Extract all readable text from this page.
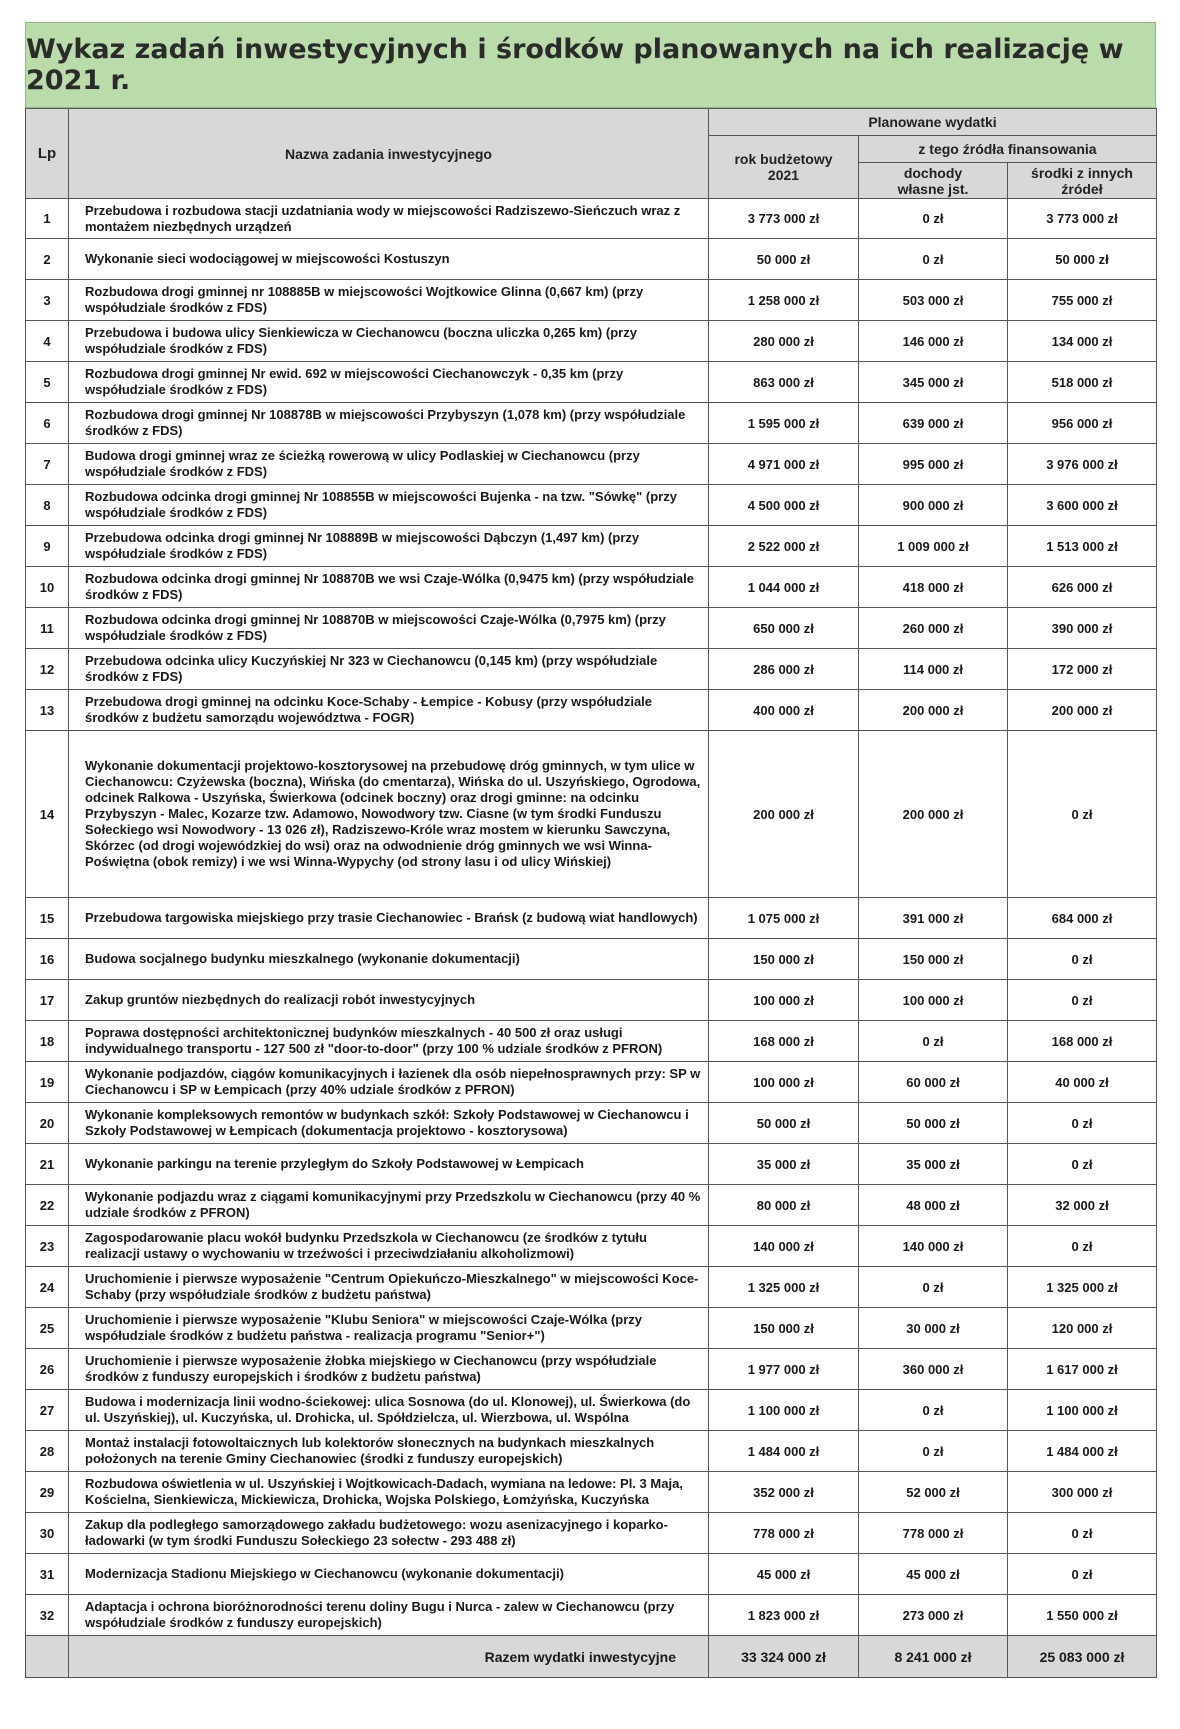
Wykaz zadań inwestycyjnych i środków planowanych na ich realizację w 2021 r.
Lp	Nazwa zadania inwestycyjnego	Planowane wydatki		
		rok budżetowy 2021	z tego źródła finansowania	
			dochody własne jst.	środki z innych źródeł
1	Przebudowa i rozbudowa stacji uzdatniania wody w miejscowości Radziszewo-Sieńczuch wraz z montażem niezbędnych urządzeń	3 773 000 zł	0 zł	3 773 000 zł
2	Wykonanie sieci wodociągowej w miejscowości Kostuszyn	50 000 zł	0 zł	50 000 zł
3	Rozbudowa drogi gminnej nr 108885B w miejscowości Wojtkowice Glinna (0,667 km) (przy współudziale środków z FDS)	1 258 000 zł	503 000 zł	755 000 zł
4	Przebudowa i budowa ulicy Sienkiewicza w Ciechanowcu (boczna uliczka 0,265 km) (przy współudziale środków z FDS)	280 000 zł	146 000 zł	134 000 zł
5	Rozbudowa drogi gminnej Nr ewid. 692 w miejscowości Ciechanowczyk - 0,35 km (przy współudziale środków z FDS)	863 000 zł	345 000 zł	518 000 zł
6	Rozbudowa drogi gminnej Nr 108878B w miejscowości Przybyszyn (1,078 km) (przy współudziale środków z FDS)	1 595 000 zł	639 000 zł	956 000 zł
7	Budowa drogi gminnej wraz ze ścieżką rowerową w ulicy Podlaskiej w Ciechanowcu (przy współudziale środków z FDS)	4 971 000 zł	995 000 zł	3 976 000 zł
8	Rozbudowa odcinka drogi gminnej Nr 108855B w miejscowości Bujenka - na tzw. "Sówkę" (przy współudziale środków z FDS)	4 500 000 zł	900 000 zł	3 600 000 zł
9	Przebudowa odcinka drogi gminnej Nr 108889B w miejscowości Dąbczyn (1,497 km) (przy współudziale środków z FDS)	2 522 000 zł	1 009 000 zł	1 513 000 zł
10	Rozbudowa odcinka drogi gminnej Nr 108870B we wsi Czaje-Wólka (0,9475 km) (przy współudziale środków z FDS)	1 044 000 zł	418 000 zł	626 000 zł
11	Rozbudowa odcinka drogi gminnej Nr 108870B w miejscowości Czaje-Wólka (0,7975 km) (przy współudziale środków z FDS)	650 000 zł	260 000 zł	390 000 zł
12	Przebudowa odcinka ulicy Kuczyńskiej Nr 323 w Ciechanowcu (0,145 km) (przy współudziale środków z FDS)	286 000 zł	114 000 zł	172 000 zł
13	Przebudowa drogi gminnej na odcinku Koce-Schaby - Łempice - Kobusy (przy współudziale środków z budżetu samorządu województwa - FOGR)	400 000 zł	200 000 zł	200 000 zł
14	Wykonanie dokumentacji projektowo-kosztorysowej na przebudowę dróg gminnych, w tym ulice w Ciechanowcu: Czyżewska (boczna), Wińska (do cmentarza), Wińska do ul. Uszyńskiego, Ogrodowa, odcinek Ralkowa - Uszyńska, Świerkowa (odcinek boczny) oraz drogi gminne: na odcinku Przybyszyn - Malec, Kozarze tzw. Adamowo, Nowodwory tzw. Ciasne (w tym środki Funduszu Sołeckiego wsi Nowodwory - 13 026 zł), Radziszewo-Króle wraz mostem w kierunku Sawczyna, Skórzec (od drogi wojewódzkiej do wsi) oraz na odwodnienie dróg gminnych we wsi Winna- Poświętna (obok remizy) i we wsi Winna-Wypychy (od strony lasu i od ulicy Wińskiej)	200 000 zł	200 000 zł	0 zł
15	Przebudowa targowiska miejskiego przy trasie Ciechanowiec - Brańsk (z budową wiat handlowych)	1 075 000 zł	391 000 zł	684 000 zł
16	Budowa socjalnego budynku mieszkalnego (wykonanie dokumentacji)	150 000 zł	150 000 zł	0 zł
17	Zakup gruntów niezbędnych do realizacji robót inwestycyjnych	100 000 zł	100 000 zł	0 zł
18	Poprawa dostępności architektonicznej budynków mieszkalnych - 40 500 zł oraz usługi indywidualnego transportu - 127 500 zł "door-to-door" (przy 100 % udziale środków z PFRON)	168 000 zł	0 zł	168 000 zł
19	Wykonanie podjazdów, ciągów komunikacyjnych i łazienek dla osób niepełnosprawnych przy: SP w Ciechanowcu i SP w Łempicach (przy 40% udziale środków z PFRON)	100 000 zł	60 000 zł	40 000 zł
20	Wykonanie kompleksowych remontów w budynkach szkół: Szkoły Podstawowej w Ciechanowcu i Szkoły Podstawowej w Łempicach (dokumentacja projektowo - kosztorysowa)	50 000 zł	50 000 zł	0 zł
21	Wykonanie parkingu na terenie przyległym do Szkoły Podstawowej w Łempicach	35 000 zł	35 000 zł	0 zł
22	Wykonanie podjazdu wraz z ciągami komunikacyjnymi przy Przedszkolu w Ciechanowcu (przy 40 % udziale środków z PFRON)	80 000 zł	48 000 zł	32 000 zł
23	Zagospodarowanie placu wokół budynku Przedszkola w Ciechanowcu (ze środków z tytułu realizacji ustawy o wychowaniu w trzeźwości i przeciwdziałaniu alkoholizmowi)	140 000 zł	140 000 zł	0 zł
24	Uruchomienie i pierwsze wyposażenie "Centrum Opiekuńczo-Mieszkalnego" w miejscowości Koce-Schaby (przy współudziale środków z budżetu państwa)	1 325 000 zł	0 zł	1 325 000 zł
25	Uruchomienie i pierwsze wyposażenie "Klubu Seniora" w miejscowości Czaje-Wólka (przy współudziale środków z budżetu państwa - realizacja programu "Senior+")	150 000 zł	30 000 zł	120 000 zł
26	Uruchomienie i pierwsze wyposażenie żłobka miejskiego w Ciechanowcu (przy współudziale środków z funduszy europejskich i środków z budżetu państwa)	1 977 000 zł	360 000 zł	1 617 000 zł
27	Budowa i modernizacja linii wodno-ściekowej: ulica Sosnowa (do ul. Klonowej), ul. Świerkowa (do ul. Uszyńskiej), ul. Kuczyńska, ul. Drohicka, ul. Spółdzielcza, ul. Wierzbowa, ul. Wspólna	1 100 000 zł	0 zł	1 100 000 zł
28	Montaż instalacji fotowoltaicznych lub kolektorów słonecznych na budynkach mieszkalnych położonych na terenie Gminy Ciechanowiec (środki z funduszy europejskich)	1 484 000 zł	0 zł	1 484 000 zł
29	Rozbudowa oświetlenia w ul. Uszyńskiej i Wojtkowicach-Dadach, wymiana na ledowe: Pl. 3 Maja, Kościelna, Sienkiewicza, Mickiewicza, Drohicka, Wojska Polskiego, Łomżyńska, Kuczyńska	352 000 zł	52 000 zł	300 000 zł
30	Zakup dla podległego samorządowego zakładu budżetowego: wozu asenizacyjnego i koparko-ładowarki (w tym środki Funduszu Sołeckiego 23 sołectw - 293 488 zł)	778 000 zł	778 000 zł	0 zł
31	Modernizacja Stadionu Miejskiego w Ciechanowcu (wykonanie dokumentacji)	45 000 zł	45 000 zł	0 zł
32	Adaptacja i ochrona bioróżnorodności terenu doliny Bugu i Nurca - zalew w Ciechanowcu (przy współudziale środków z funduszy europejskich)	1 823 000 zł	273 000 zł	1 550 000 zł
	Razem wydatki inwestycyjne	33 324 000 zł	8 241 000 zł	25 083 000 zł
